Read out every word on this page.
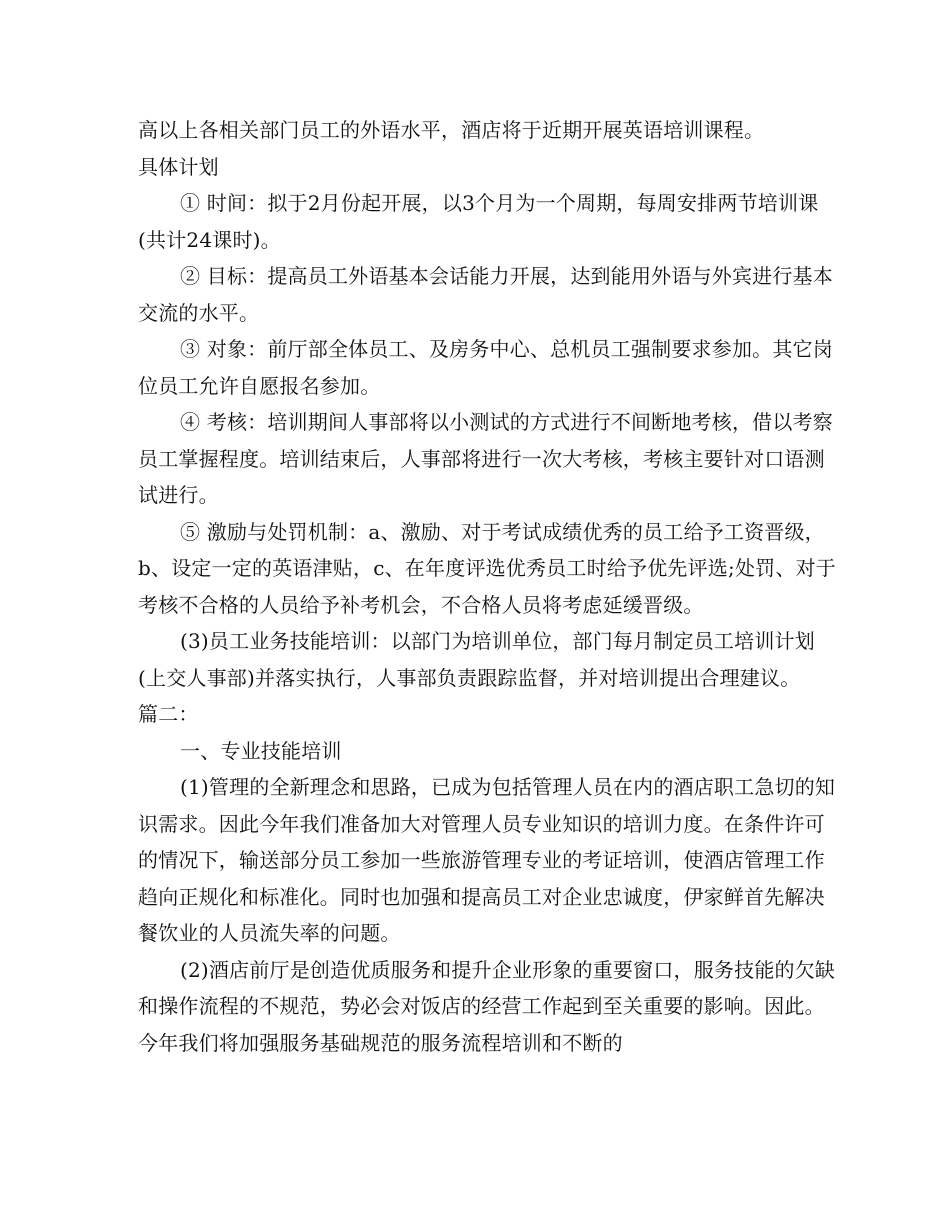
高以上各相关部门员工的外语水平，酒店将于近期开展英语培训课程。

具体计划

① 时间：拟于2月份起开展，以3个月为一个周期，每周安排两节培训课(共计24课时)。

② 目标：提高员工外语基本会话能力开展，达到能用外语与外宾进行基本交流的水平。

③ 对象：前厅部全体员工、及房务中心、总机员工强制要求参加。其它岗位员工允许自愿报名参加。

④ 考核：培训期间人事部将以小测试的方式进行不间断地考核，借以考察员工掌握程度。培训结束后，人事部将进行一次大考核，考核主要针对口语测试进行。

⑤ 激励与处罚机制：a、激励、对于考试成绩优秀的员工给予工资晋级，b、设定一定的英语津贴，c、在年度评选优秀员工时给予优先评选;处罚、对于考核不合格的人员给予补考机会，不合格人员将考虑延缓晋级。

(3)员工业务技能培训：以部门为培训单位，部门每月制定员工培训计划(上交人事部)并落实执行，人事部负责跟踪监督，并对培训提出合理建议。　　篇二：

一、专业技能培训

(1)管理的全新理念和思路，已成为包括管理人员在内的酒店职工急切的知识需求。因此今年我们准备加大对管理人员专业知识的培训力度。在条件许可的情况下，输送部分员工参加一些旅游管理专业的考证培训，使酒店管理工作趋向正规化和标准化。同时也加强和提高员工对企业忠诚度，伊家鲜首先解决餐饮业的人员流失率的问题。

(2)酒店前厅是创造优质服务和提升企业形象的重要窗口，服务技能的欠缺和操作流程的不规范，势必会对饭店的经营工作起到至关重要的影响。因此。今年我们将加强服务基础规范的服务流程培训和不断的
